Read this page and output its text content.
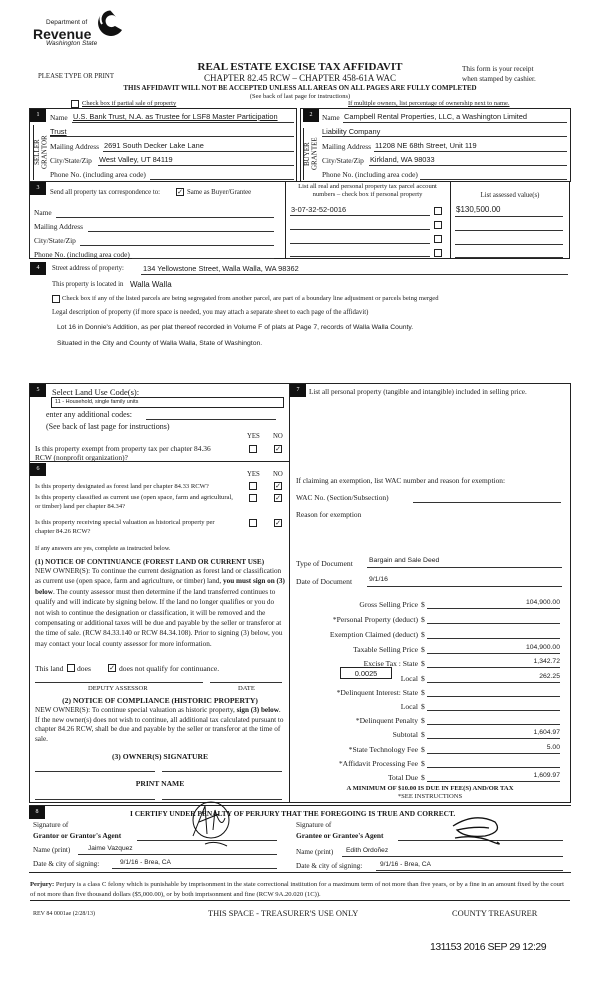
Department of
Revenue
Washington State
REAL ESTATE EXCISE TAX AFFIDAVIT
PLEASE TYPE OR PRINT	CHAPTER 82.45 RCW – CHAPTER 458-61A WAC
This form is your receipt
when stamped by cashier.
THIS AFFIDAVIT WILL NOT BE ACCEPTED UNLESS ALL AREAS ON ALL PAGES ARE FULLY COMPLETED
(See back of last page for instructions)
Check box if partial sale of property	If multiple owners, list percentage of ownership next to name.
1
SELLER GRANTOR
Name U.S. Bank Trust, N.A. as Trustee for LSF8 Master Participation
Trust
Mailing Address 2691 South Decker Lake Lane
City/State/Zip West Valley, UT 84119
Phone No. (including area code)
2
BUYER GRANTEE
Name Campbell Rental Properties, LLC, a Washington Limited
Liability Company
Mailing Address 11208 NE 68th Street, Unit 119
City/State/Zip Kirkland, WA 98033
Phone No. (including area code)
3
Send all property tax correspondence to: ✓	Same as Buyer/Grantee
Name
Mailing Address
City/State/Zip
Phone No. (including area code)
List all real and personal property tax parcel account numbers – check box if personal property	List assessed value(s)
3-07-32-52-0016	$130,500.00
4	Street address of property:	134 Yellowstone Street, Walla Walla, WA 98362
This property is located in Walla Walla
Check box if any of the listed parcels are being segregated from another parcel, are part of a boundary line adjustment or parcels being merged
Legal description of property (if more space is needed, you may attach a separate sheet to each page of the affidavit)
Lot 16 in Donnie's Addition, as per plat thereof recorded in Volume F of plats at Page 7, records of Walla Walla County.
Situated in the City and County of Walla Walla, State of Washington.
5	Select Land Use Code(s):
11 - Household, single family units
enter any additional codes:
(See back of last page for instructions)
YES NO
Is this property exempt from property tax per chapter 84.36 RCW (nonprofit organization)?
✓
6
YES NO
Is this property designated as forest land per chapter 84.33 RCW?
✓
Is this property classified as current use (open space, farm and agricultural, or timber) land per chapter 84.34?
✓
Is this property receiving special valuation as historical property per chapter 84.26 RCW?
✓
If any answers are yes, complete as instructed below.
(1) NOTICE OF CONTINUANCE (FOREST LAND OR CURRENT USE)
NEW OWNER(S): To continue the current designation as forest land or classification as current use (open space, farm and agriculture, or timber) land, you must sign on (3) below. The county assessor must then determine if the land transferred continues to qualify and will indicate by signing below. If the land no longer qualifies or you do not wish to continue the designation or classification, it will be removed and the compensating or additional taxes will be due and payable by the seller or transferor at the time of sale. (RCW 84.33.140 or RCW 84.34.108). Prior to signing (3) below, you may contact your local county assessor for more information.
This land does ✓	does not qualify for continuance.
DEPUTY ASSESSOR	DATE
(2) NOTICE OF COMPLIANCE (HISTORIC PROPERTY)
NEW OWNER(S): To continue special valuation as historic property, sign (3) below. If the new owner(s) does not wish to continue, all additional tax calculated pursuant to chapter 84.26 RCW, shall be due and payable by the seller or transferor at the time of sale.
(3) OWNER(S) SIGNATURE
PRINT NAME
7	List all personal property (tangible and intangible) included in selling price.
If claiming an exemption, list WAC number and reason for exemption:
WAC No. (Section/Subsection)
Reason for exemption
Type of Document Bargain and Sale Deed
Date of Document 9/1/16
0.0025
Gross Selling Price $	104,900.00
*Personal Property (deduct) $
Exemption Claimed (deduct) $
Taxable Selling Price $	104,900.00
Excise Tax : State $	1,342.72
Local $	262.25
*Delinquent Interest: State $
Local $
*Delinquent Penalty $
Subtotal $	1,604.97
*State Technology Fee $	5.00
*Affidavit Processing Fee $
Total Due $	1,609.97
A MINIMUM OF $10.00 IS DUE IN FEE(S) AND/OR TAX
*SEE INSTRUCTIONS
8	I CERTIFY UNDER PENALTY OF PERJURY THAT THE FOREGOING IS TRUE AND CORRECT.
Signature of
Grantor or Grantor's Agent
Name (print)	Jaime Vazquez
Date & city of signing:	9/1/16 - Brea, CA
Signature of
Grantee or Grantee's Agent
Name (print) Edith Ordoñez
Date & city of signing:	9/1/16 - Brea, CA
Perjury: Perjury is a class C felony which is punishable by imprisonment in the state correctional institution for a maximum term of not more than five years, or by a fine in an amount fixed by the court of not more than five thousand dollars ($5,000.00), or by both imprisonment and fine (RCW 9A.20.020 (1C)).
REV 84 0001ae (2/28/13)	THIS SPACE - TREASURER'S USE ONLY	COUNTY TREASURER
131153 2016 SEP 29 12:29
